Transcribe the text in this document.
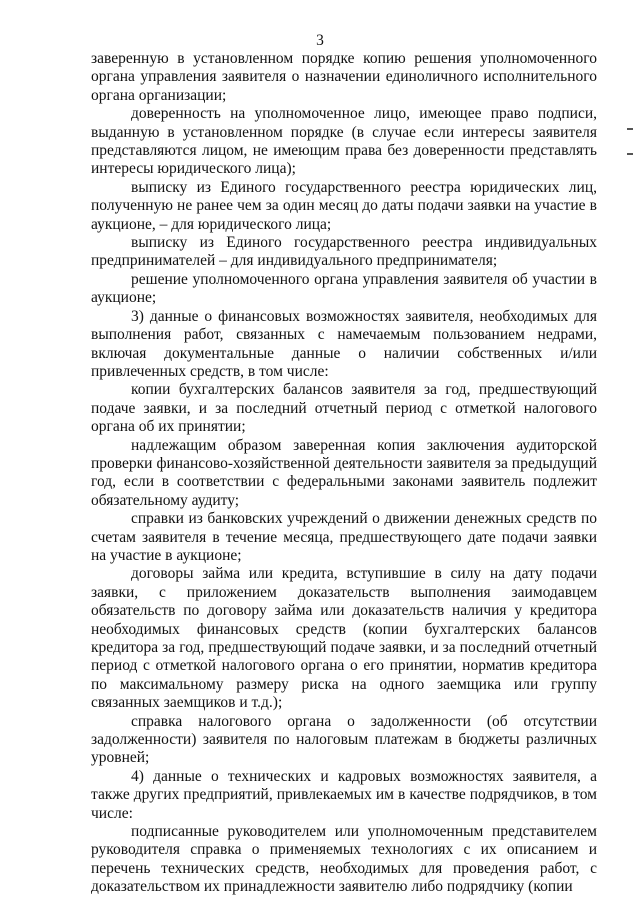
3

заверенную в установленном порядке копию решения уполномоченного органа управления заявителя о назначении единоличного исполнительного органа организации;

доверенность на уполномоченное лицо, имеющее право подписи, выданную в установленном порядке (в случае если интересы заявителя представляются лицом, не имеющим права без доверенности представлять интересы юридического лица);

выписку из Единого государственного реестра юридических лиц, полученную не ранее чем за один месяц до даты подачи заявки на участие в аукционе, – для юридического лица;

выписку из Единого государственного реестра индивидуальных предпринимателей – для индивидуального предпринимателя;

решение уполномоченного органа управления заявителя об участии в аукционе;

3) данные о финансовых возможностях заявителя, необходимых для выполнения работ, связанных с намечаемым пользованием недрами, включая документальные данные о наличии собственных и/или привлеченных средств, в том числе:

копии бухгалтерских балансов заявителя за год, предшествующий подаче заявки, и за последний отчетный период с отметкой налогового органа об их принятии;

надлежащим образом заверенная копия заключения аудиторской проверки финансово-хозяйственной деятельности заявителя за предыдущий год, если в соответствии с федеральными законами заявитель подлежит обязательному аудиту;

справки из банковских учреждений о движении денежных средств по счетам заявителя в течение месяца, предшествующего дате подачи заявки на участие в аукционе;

договоры займа или кредита, вступившие в силу на дату подачи заявки, с приложением доказательств выполнения заимодавцем обязательств по договору займа или доказательств наличия у кредитора необходимых финансовых средств (копии бухгалтерских балансов кредитора за год, предшествующий подаче заявки, и за последний отчетный период с отметкой налогового органа о его принятии, норматив кредитора по максимальному размеру риска на одного заемщика или группу связанных заемщиков и т.д.);

справка налогового органа о задолженности (об отсутствии задолженности) заявителя по налоговым платежам в бюджеты различных уровней;

4) данные о технических и кадровых возможностях заявителя, а также других предприятий, привлекаемых им в качестве подрядчиков, в том числе:

подписанные руководителем или уполномоченным представителем руководителя справка о применяемых технологиях с их описанием и перечень технических средств, необходимых для проведения работ, с доказательством их принадлежности заявителю либо подрядчику (копии
